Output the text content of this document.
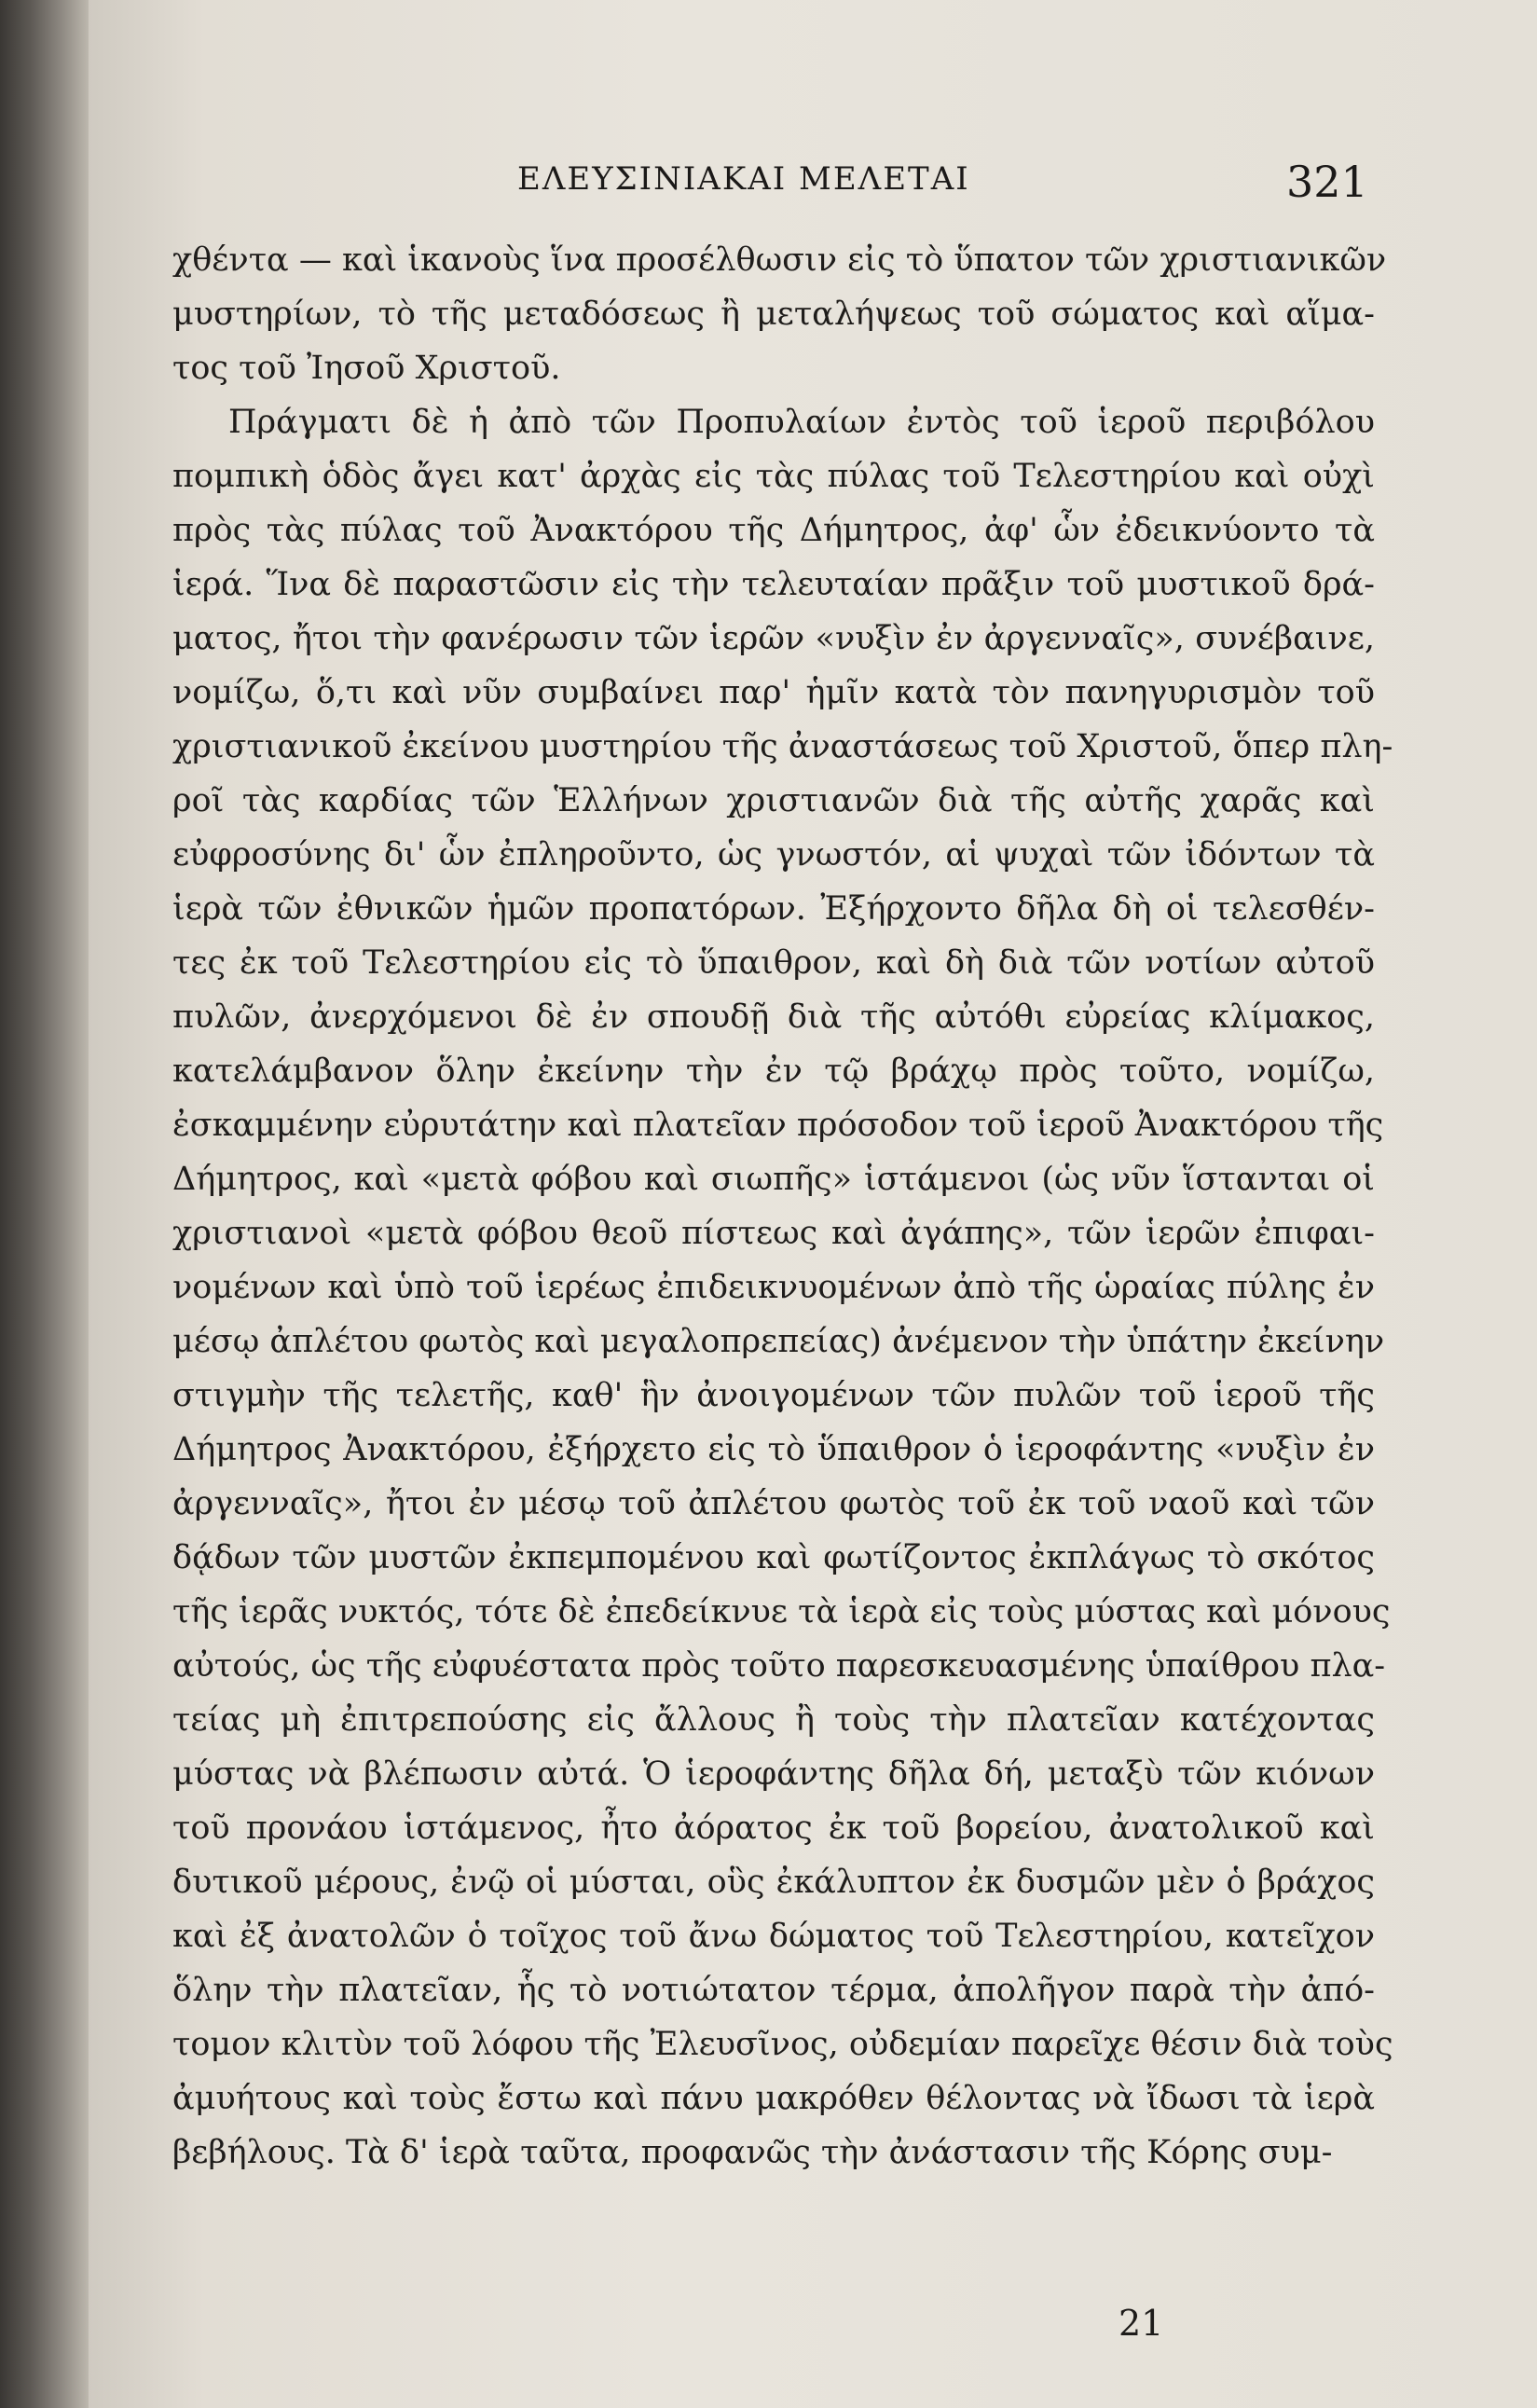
ΕΛΕΥΣΙΝΙΑΚΑΙ ΜΕΛΕΤΑΙ	321
χθέντα — καὶ ἱκανοὺς ἵνα προσέλθωσιν εἰς τὸ ὕπατον τῶν χριστιανικῶν
μυστηρίων, τὸ τῆς μεταδόσεως ἢ μεταλήψεως τοῦ σώματος καὶ αἵμα-
τος τοῦ Ἰησοῦ Χριστοῦ.
Πράγματι δὲ ἡ ἀπὸ τῶν Προπυλαίων ἐντὸς τοῦ ἱεροῦ περιβόλου
πομπικὴ ὁδὸς ἄγει κατ' ἀρχὰς εἰς τὰς πύλας τοῦ Τελεστηρίου καὶ οὐχὶ
πρὸς τὰς πύλας τοῦ Ἀνακτόρου τῆς Δήμητρος, ἀφ' ὧν ἐδεικνύοντο τὰ
ἱερά. Ἵνα δὲ παραστῶσιν εἰς τὴν τελευταίαν πρᾶξιν τοῦ μυστικοῦ δρά-
ματος, ἤτοι τὴν φανέρωσιν τῶν ἱερῶν «νυξὶν ἐν ἀργενναῖς», συνέβαινε,
νομίζω, ὅ,τι καὶ νῦν συμβαίνει παρ' ἡμῖν κατὰ τὸν πανηγυρισμὸν τοῦ
χριστιανικοῦ ἐκείνου μυστηρίου τῆς ἀναστάσεως τοῦ Χριστοῦ, ὅπερ πλη-
ροῖ τὰς καρδίας τῶν Ἑλλήνων χριστιανῶν διὰ τῆς αὐτῆς χαρᾶς καὶ
εὐφροσύνης δι' ὧν ἐπληροῦντο, ὡς γνωστόν, αἱ ψυχαὶ τῶν ἰδόντων τὰ
ἱερὰ τῶν ἐθνικῶν ἡμῶν προπατόρων. Ἐξήρχοντο δῆλα δὴ οἱ τελεσθέν-
τες ἐκ τοῦ Τελεστηρίου εἰς τὸ ὕπαιθρον, καὶ δὴ διὰ τῶν νοτίων αὐτοῦ
πυλῶν, ἀνερχόμενοι δὲ ἐν σπουδῇ διὰ τῆς αὐτόθι εὐρείας κλίμακος,
κατελάμβανον ὅλην ἐκείνην τὴν ἐν τῷ βράχῳ πρὸς τοῦτο, νομίζω,
ἐσκαμμένην εὐρυτάτην καὶ πλατεῖαν πρόσοδον τοῦ ἱεροῦ Ἀνακτόρου τῆς
Δήμητρος, καὶ «μετὰ φόβου καὶ σιωπῆς» ἱστάμενοι (ὡς νῦν ἵστανται οἱ
χριστιανοὶ «μετὰ φόβου θεοῦ πίστεως καὶ ἀγάπης», τῶν ἱερῶν ἐπιφαι-
νομένων καὶ ὑπὸ τοῦ ἱερέως ἐπιδεικνυομένων ἀπὸ τῆς ὡραίας πύλης ἐν
μέσῳ ἀπλέτου φωτὸς καὶ μεγαλοπρεπείας) ἀνέμενον τὴν ὑπάτην ἐκείνην
στιγμὴν τῆς τελετῆς, καθ' ἣν ἀνοιγομένων τῶν πυλῶν τοῦ ἱεροῦ τῆς
Δήμητρος Ἀνακτόρου, ἐξήρχετο εἰς τὸ ὕπαιθρον ὁ ἱεροφάντης «νυξὶν ἐν
ἀργενναῖς», ἤτοι ἐν μέσῳ τοῦ ἀπλέτου φωτὸς τοῦ ἐκ τοῦ ναοῦ καὶ τῶν
δᾴδων τῶν μυστῶν ἐκπεμπομένου καὶ φωτίζοντος ἐκπλάγως τὸ σκότος
τῆς ἱερᾶς νυκτός, τότε δὲ ἐπεδείκνυε τὰ ἱερὰ εἰς τοὺς μύστας καὶ μόνους
αὐτούς, ὡς τῆς εὐφυέστατα πρὸς τοῦτο παρεσκευασμένης ὑπαίθρου πλα-
τείας μὴ ἐπιτρεπούσης εἰς ἄλλους ἢ τοὺς τὴν πλατεῖαν κατέχοντας
μύστας νὰ βλέπωσιν αὐτά. Ὁ ἱεροφάντης δῆλα δή, μεταξὺ τῶν κιόνων
τοῦ προνάου ἱστάμενος, ἦτο ἀόρατος ἐκ τοῦ βορείου, ἀνατολικοῦ καὶ
δυτικοῦ μέρους, ἐνῷ οἱ μύσται, οὓς ἐκάλυπτον ἐκ δυσμῶν μὲν ὁ βράχος
καὶ ἐξ ἀνατολῶν ὁ τοῖχος τοῦ ἄνω δώματος τοῦ Τελεστηρίου, κατεῖχον
ὅλην τὴν πλατεῖαν, ἧς τὸ νοτιώτατον τέρμα, ἀπολῆγον παρὰ τὴν ἀπό-
τομον κλιτὺν τοῦ λόφου τῆς Ἐλευσῖνος, οὐδεμίαν παρεῖχε θέσιν διὰ τοὺς
ἀμυήτους καὶ τοὺς ἔστω καὶ πάνυ μακρόθεν θέλοντας νὰ ἴδωσι τὰ ἱερὰ
βεβήλους. Τὰ δ' ἱερὰ ταῦτα, προφανῶς τὴν ἀνάστασιν τῆς Κόρης συμ-
21
